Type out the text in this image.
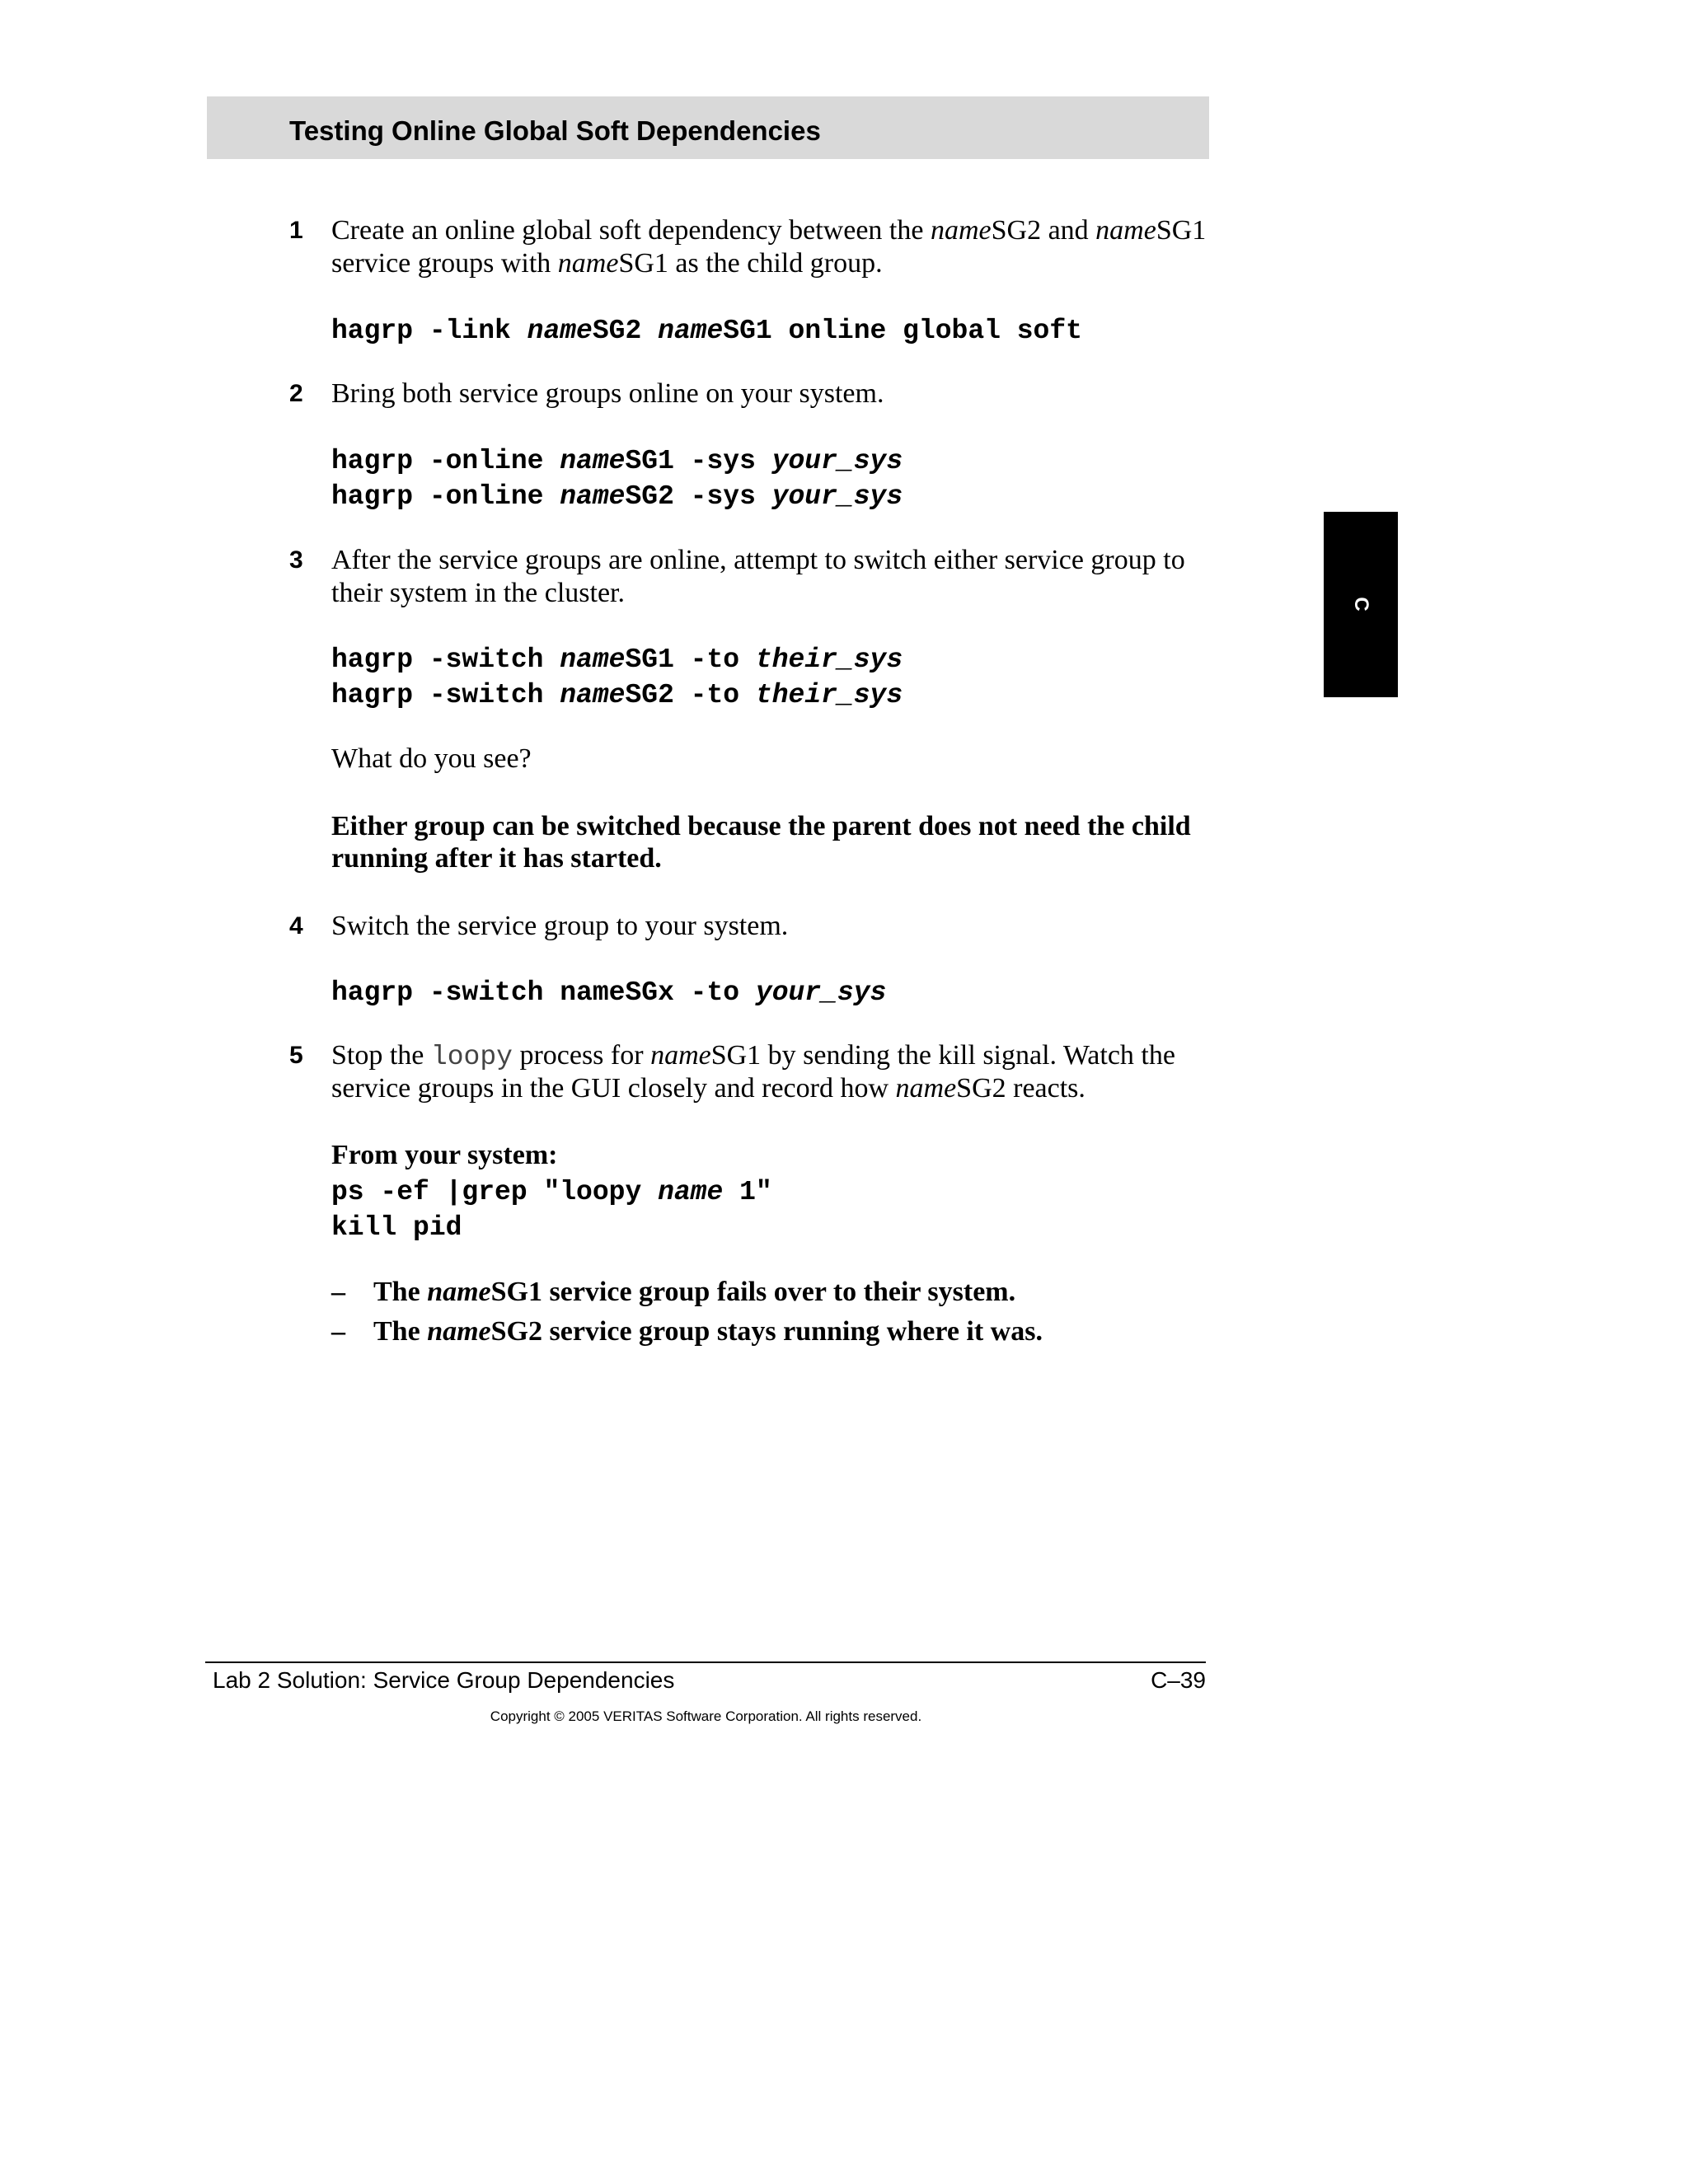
Testing Online Global Soft Dependencies
C
1 Create an online global soft dependency between the nameSG2 and nameSG1
service groups with nameSG1 as the child group.
hagrp -link nameSG2 nameSG1 online global soft
2 Bring both service groups online on your system.
hagrp -online nameSG1 -sys your_sys
hagrp -online nameSG2 -sys your_sys
3 After the service groups are online, attempt to switch either service group to
their system in the cluster.
hagrp -switch nameSG1 -to their_sys
hagrp -switch nameSG2 -to their_sys
What do you see?
Either group can be switched because the parent does not need the child
running after it has started.
4 Switch the service group to your system.
hagrp -switch nameSGx -to your_sys
5 Stop the loopy process for nameSG1 by sending the kill signal. Watch the
service groups in the GUI closely and record how nameSG2 reacts.
From your system:
ps -ef |grep "loopy name 1"
kill pid
– The nameSG1 service group fails over to their system.
– The nameSG2 service group stays running where it was.
Lab 2 Solution: Service Group Dependencies	C–39
Copyright © 2005 VERITAS Software Corporation. All rights reserved.
